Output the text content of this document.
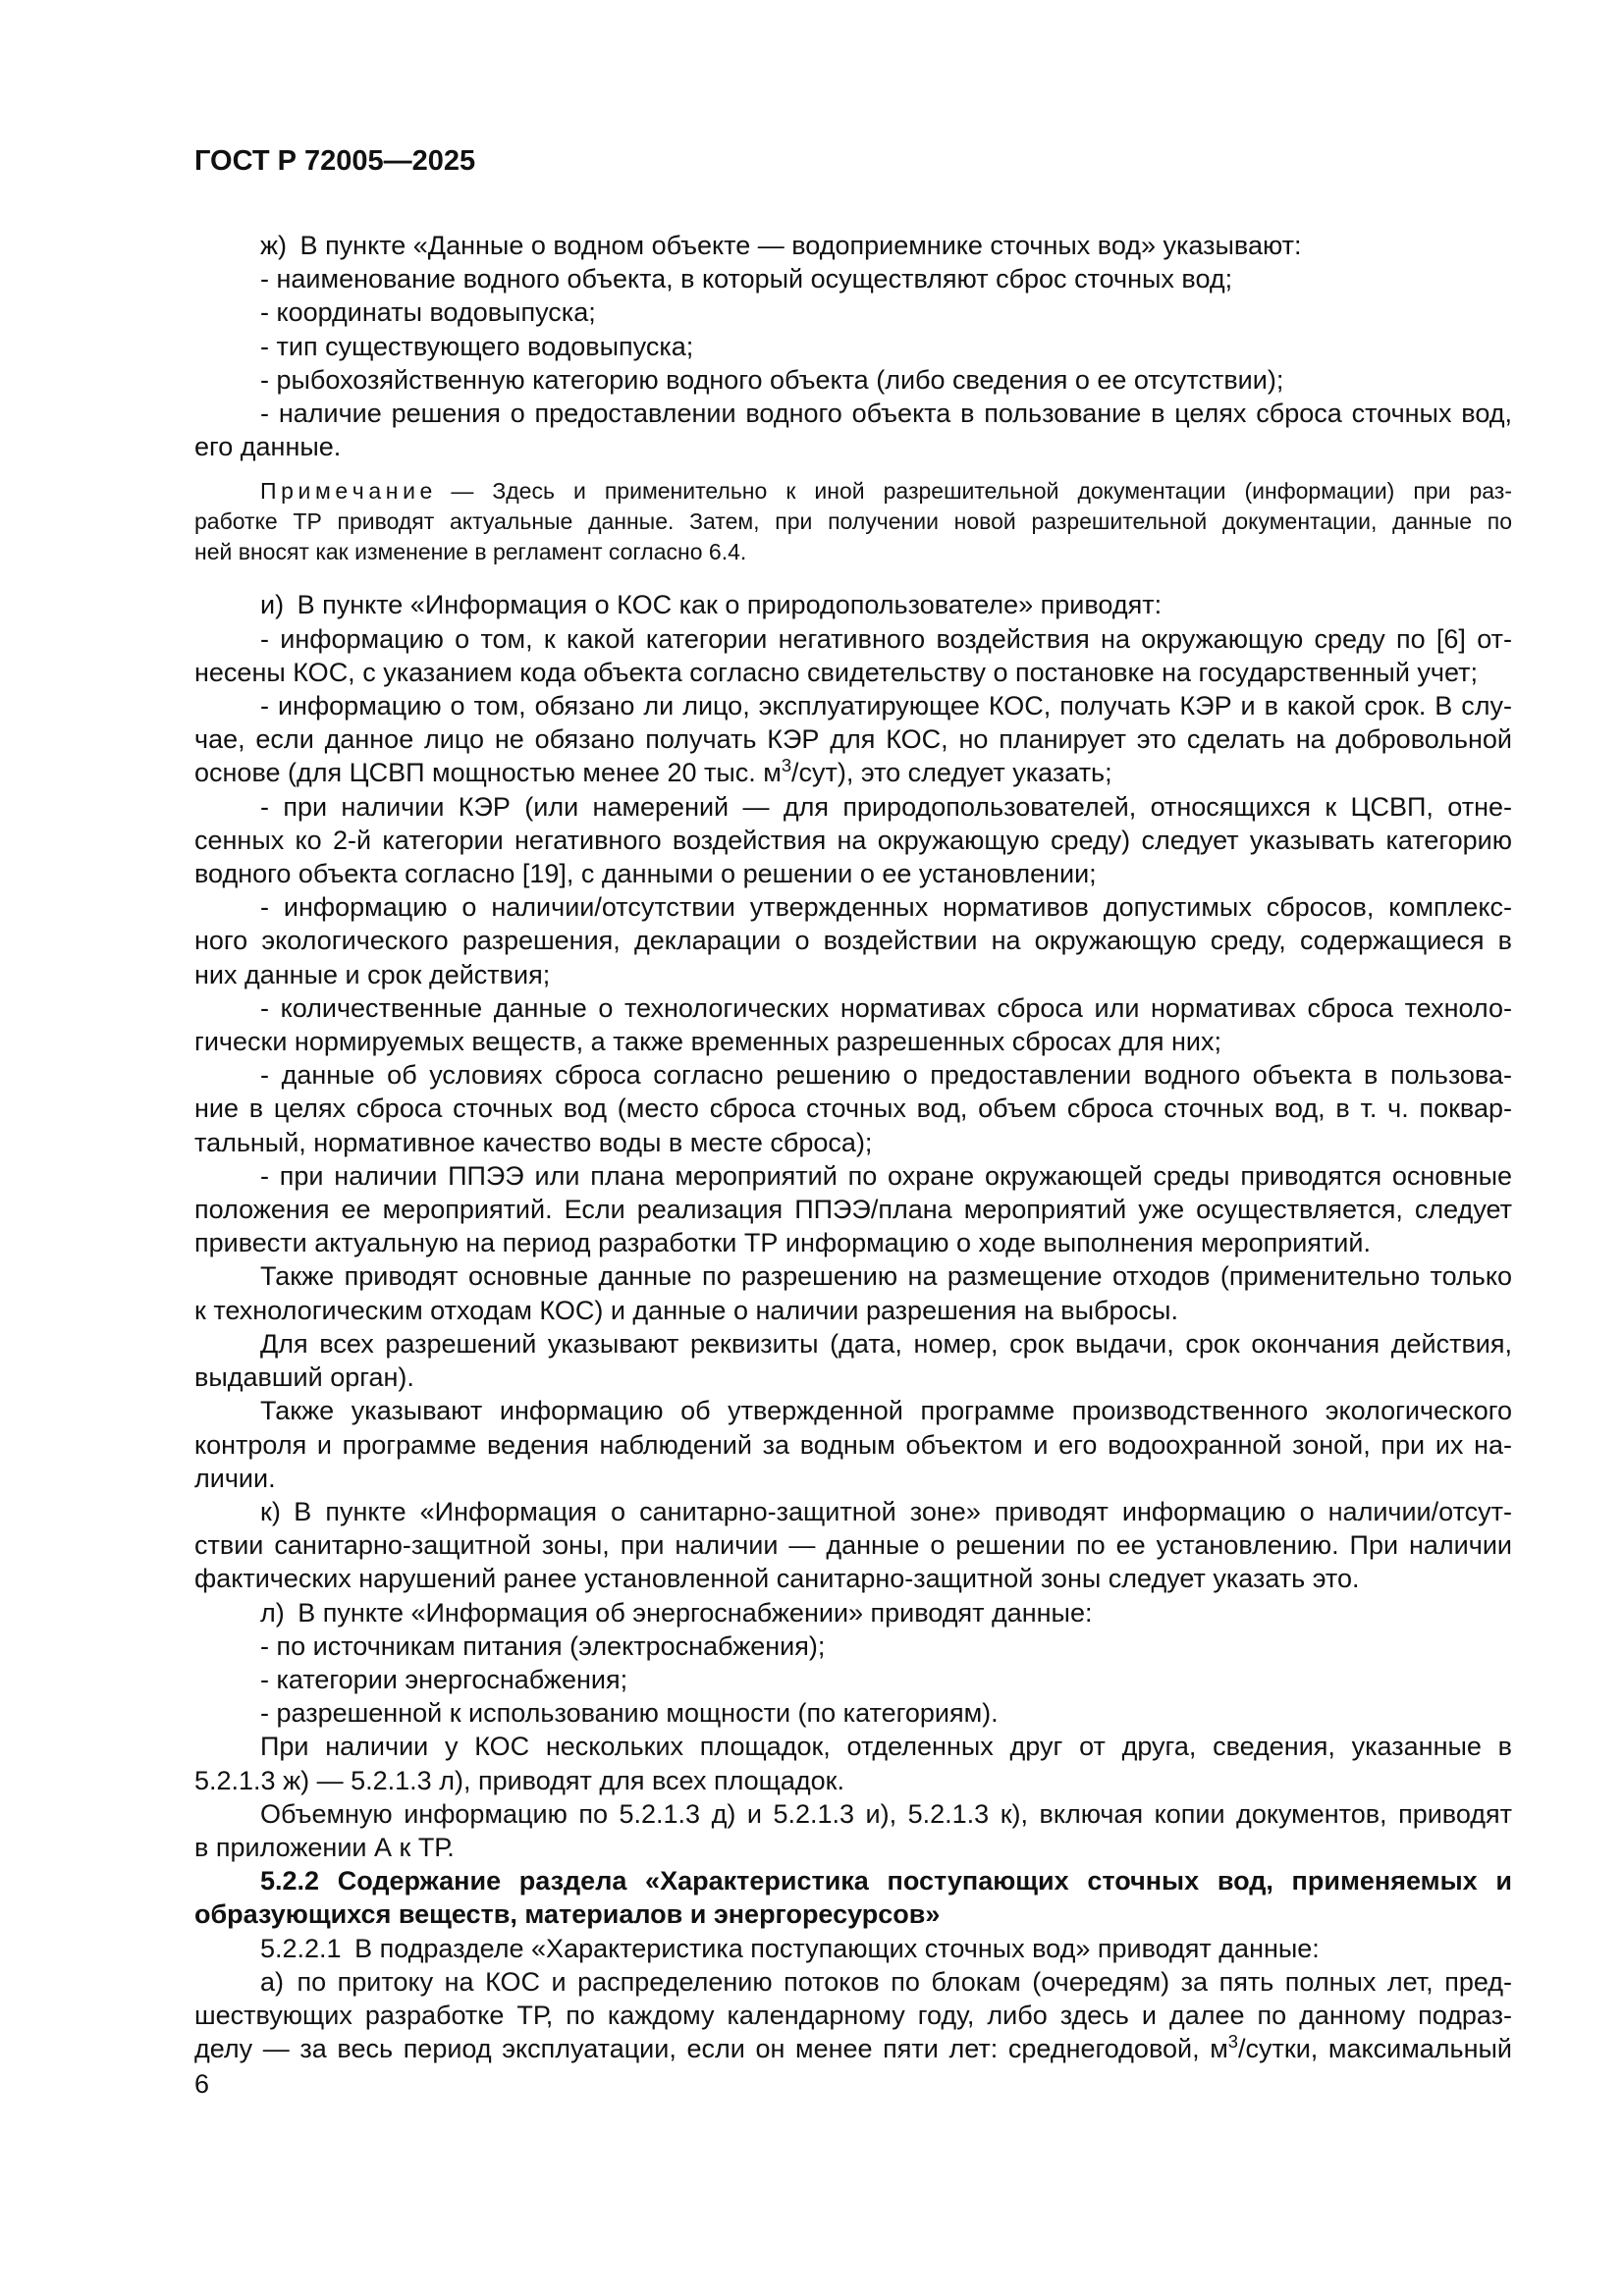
ГОСТ Р 72005—2025
ж) В пункте «Данные о водном объекте — водоприемнике сточных вод» указывают:
- наименование водного объекта, в который осуществляют сброс сточных вод;
- координаты водовыпуска;
- тип существующего водовыпуска;
- рыбохозяйственную категорию водного объекта (либо сведения о ее отсутствии);
- наличие решения о предоставлении водного объекта в пользование в целях сброса сточных вод,
его данные.
П р и м е ч а н и е — Здесь и применительно к иной разрешительной документации (информации) при раз-
работке ТР приводят актуальные данные. Затем, при получении новой разрешительной документации, данные по
ней вносят как изменение в регламент согласно 6.4.
и) В пункте «Информация о КОС как о природопользователе» приводят:
- информацию о том, к какой категории негативного воздействия на окружающую среду по [6] от-
несены КОС, с указанием кода объекта согласно свидетельству о постановке на государственный учет;
- информацию о том, обязано ли лицо, эксплуатирующее КОС, получать КЭР и в какой срок. В слу-
чае, если данное лицо не обязано получать КЭР для КОС, но планирует это сделать на добровольной
основе (для ЦСВП мощностью менее 20 тыс. $м^3/сут$), это следует указать;
- при наличии КЭР (или намерений — для природопользователей, относящихся к ЦСВП, отне-
сенных ко 2-й категории негативного воздействия на окружающую среду) следует указывать категорию
водного объекта согласно [19], с данными о решении о ее установлении;
- информацию о наличии/отсутствии утвержденных нормативов допустимых сбросов, комплекс-
ного экологического разрешения, декларации о воздействии на окружающую среду, содержащиеся в
них данные и срок действия;
- количественные данные о технологических нормативах сброса или нормативах сброса техноло-
гически нормируемых веществ, а также временных разрешенных сбросах для них;
- данные об условиях сброса согласно решению о предоставлении водного объекта в пользова-
ние в целях сброса сточных вод (место сброса сточных вод, объем сброса сточных вод, в т. ч. поквар-
тальный, нормативное качество воды в месте сброса);
- при наличии ППЭЭ или плана мероприятий по охране окружающей среды приводятся основные
положения ее мероприятий. Если реализация ППЭЭ/плана мероприятий уже осуществляется, следует
привести актуальную на период разработки ТР информацию о ходе выполнения мероприятий.
Также приводят основные данные по разрешению на размещение отходов (применительно только
к технологическим отходам КОС) и данные о наличии разрешения на выбросы.
Для всех разрешений указывают реквизиты (дата, номер, срок выдачи, срок окончания действия,
выдавший орган).
Также указывают информацию об утвержденной программе производственного экологического
контроля и программе ведения наблюдений за водным объектом и его водоохранной зоной, при их на-
личии.
к) В пункте «Информация о санитарно-защитной зоне» приводят информацию о наличии/отсут-
ствии санитарно-защитной зоны, при наличии — данные о решении по ее установлению. При наличии
фактических нарушений ранее установленной санитарно-защитной зоны следует указать это.
л) В пункте «Информация об энергоснабжении» приводят данные:
- по источникам питания (электроснабжения);
- категории энергоснабжения;
- разрешенной к использованию мощности (по категориям).
При наличии у КОС нескольких площадок, отделенных друг от друга, сведения, указанные в
5.2.1.3 ж) — 5.2.1.3 л), приводят для всех площадок.
Объемную информацию по 5.2.1.3 д) и 5.2.1.3 и), 5.2.1.3 к), включая копии документов, приводят
в приложении А к ТР.
5.2.2 Содержание раздела «Характеристика поступающих сточных вод, применяемых и
образующихся веществ, материалов и энергоресурсов»
5.2.2.1 В подразделе «Характеристика поступающих сточных вод» приводят данные:
а) по притоку на КОС и распределению потоков по блокам (очередям) за пять полных лет, пред-
шествующих разработке ТР, по каждому календарному году, либо здесь и далее по данному подраз-
делу — за весь период эксплуатации, если он менее пяти лет: среднегодовой, $м^3$/сутки, максимальный
6
